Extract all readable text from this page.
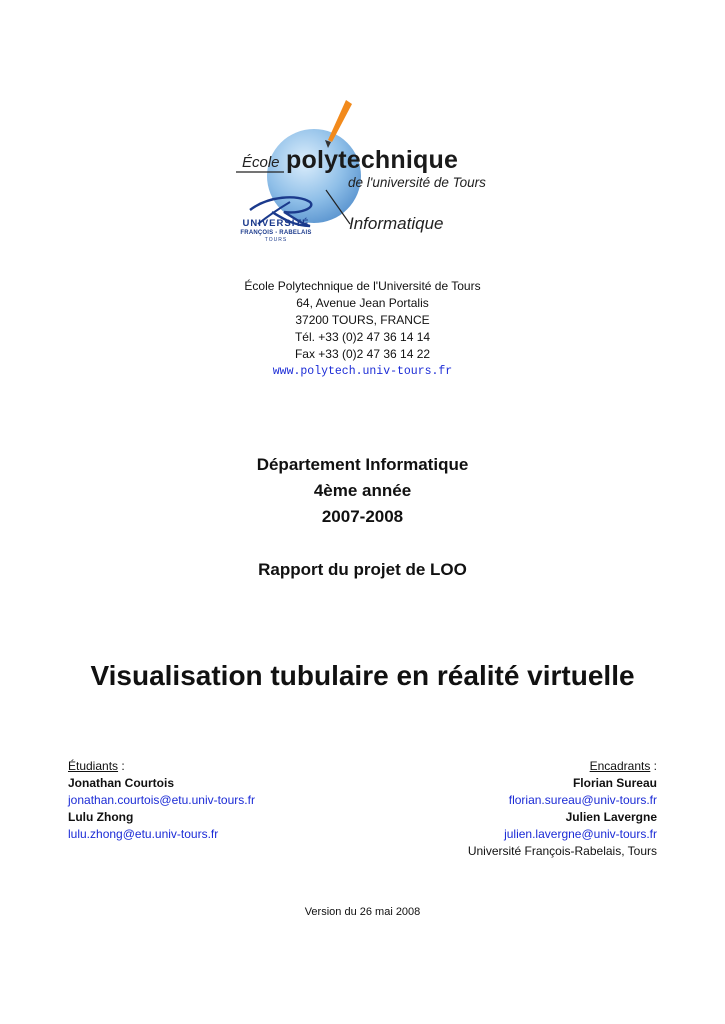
École polytechnique
de l'université de Tours
Informatique
UNIVERSITÉ
FRANÇOIS - RABELAIS
TOURS
École Polytechnique de l'Université de Tours
64, Avenue Jean Portalis
37200 TOURS, FRANCE
Tél. +33 (0)2 47 36 14 14
Fax +33 (0)2 47 36 14 22
www.polytech.univ-tours.fr
Département Informatique
4ème année
2007-2008
Rapport du projet de LOO
Visualisation tubulaire en réalité virtuelle
Étudiants :
Jonathan Courtois
jonathan.courtois@etu.univ-tours.fr
Lulu Zhong
lulu.zhong@etu.univ-tours.fr
Encadrants :
Florian Sureau
florian.sureau@univ-tours.fr
Julien Lavergne
julien.lavergne@univ-tours.fr
Université François-Rabelais, Tours
Version du 26 mai 2008
